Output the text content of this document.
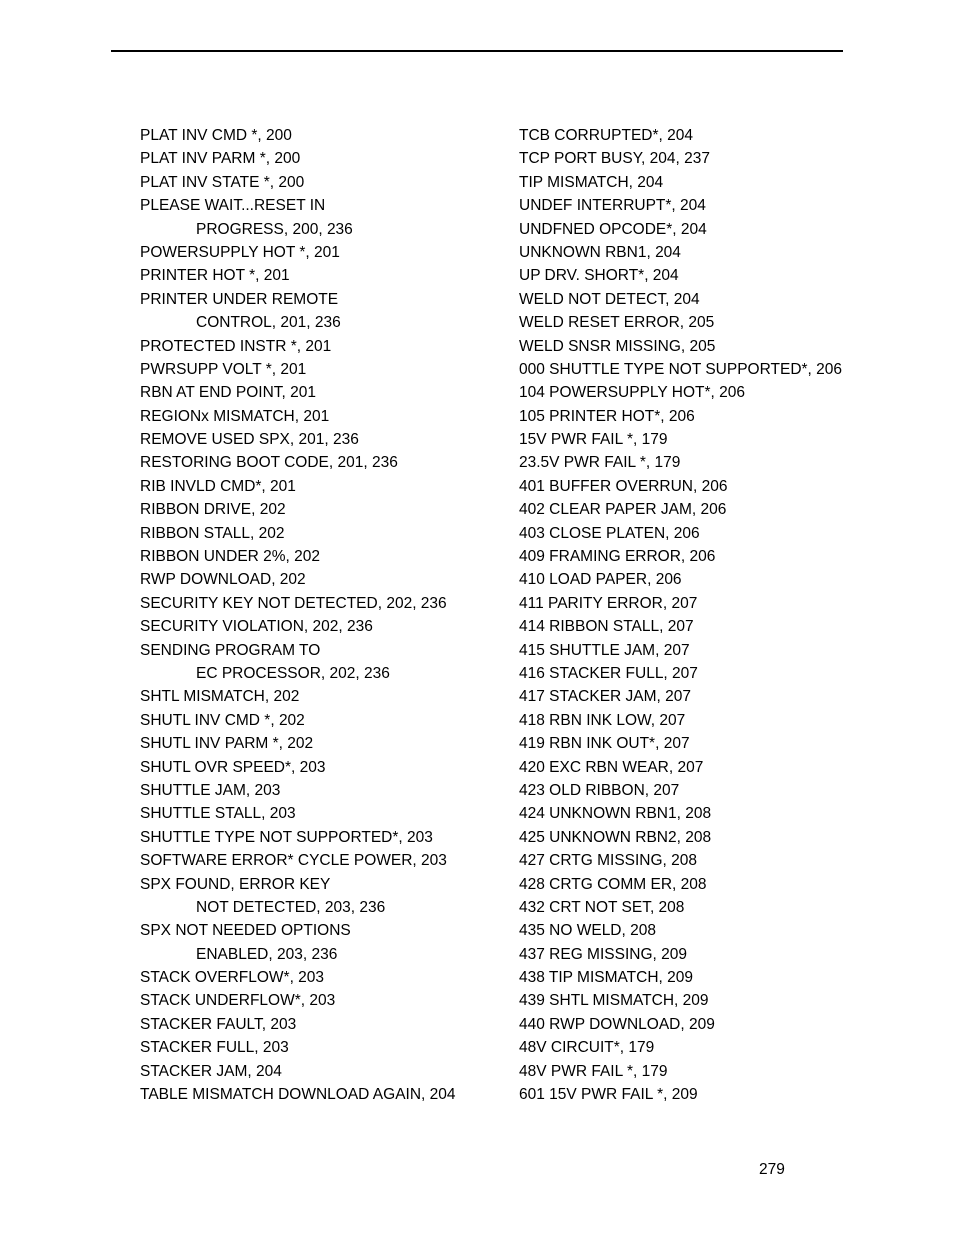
PLAT INV CMD *, 200
PLAT INV PARM *, 200
PLAT INV STATE *, 200
PLEASE WAIT...RESET IN
PROGRESS, 200, 236
POWERSUPPLY HOT *, 201
PRINTER HOT *, 201
PRINTER UNDER REMOTE
CONTROL, 201, 236
PROTECTED INSTR *, 201
PWRSUPP VOLT *, 201
RBN AT END POINT, 201
REGIONx MISMATCH, 201
REMOVE USED SPX, 201, 236
RESTORING BOOT CODE, 201, 236
RIB INVLD CMD*, 201
RIBBON DRIVE, 202
RIBBON STALL, 202
RIBBON UNDER 2%, 202
RWP DOWNLOAD, 202
SECURITY KEY NOT DETECTED, 202, 236
SECURITY VIOLATION, 202, 236
SENDING PROGRAM TO
EC PROCESSOR, 202, 236
SHTL MISMATCH, 202
SHUTL INV CMD *, 202
SHUTL INV PARM *, 202
SHUTL OVR SPEED*, 203
SHUTTLE JAM, 203
SHUTTLE STALL, 203
SHUTTLE TYPE NOT SUPPORTED*, 203
SOFTWARE ERROR* CYCLE POWER, 203
SPX FOUND, ERROR KEY
NOT DETECTED, 203, 236
SPX NOT NEEDED OPTIONS
ENABLED, 203, 236
STACK OVERFLOW*, 203
STACK UNDERFLOW*, 203
STACKER FAULT, 203
STACKER FULL, 203
STACKER JAM, 204
TABLE MISMATCH DOWNLOAD AGAIN, 204
TCB CORRUPTED*, 204
TCP PORT BUSY, 204, 237
TIP MISMATCH, 204
UNDEF INTERRUPT*, 204
UNDFNED OPCODE*, 204
UNKNOWN RBN1, 204
UP DRV. SHORT*, 204
WELD NOT DETECT, 204
WELD RESET ERROR, 205
WELD SNSR MISSING, 205
000 SHUTTLE TYPE NOT SUPPORTED*, 206
104 POWERSUPPLY HOT*, 206
105 PRINTER HOT*, 206
15V PWR FAIL *, 179
23.5V PWR FAIL *, 179
401 BUFFER OVERRUN, 206
402 CLEAR PAPER JAM, 206
403 CLOSE PLATEN, 206
409 FRAMING ERROR, 206
410 LOAD PAPER, 206
411 PARITY ERROR, 207
414 RIBBON STALL, 207
415 SHUTTLE JAM, 207
416 STACKER FULL, 207
417 STACKER JAM, 207
418 RBN INK LOW, 207
419 RBN INK OUT*, 207
420 EXC RBN WEAR, 207
423 OLD RIBBON, 207
424 UNKNOWN RBN1, 208
425 UNKNOWN RBN2, 208
427 CRTG MISSING, 208
428 CRTG COMM ER, 208
432 CRT NOT SET, 208
435 NO WELD, 208
437 REG MISSING, 209
438 TIP MISMATCH, 209
439 SHTL MISMATCH, 209
440 RWP DOWNLOAD, 209
48V CIRCUIT*, 179
48V PWR FAIL *, 179
601 15V PWR FAIL *, 209
279
